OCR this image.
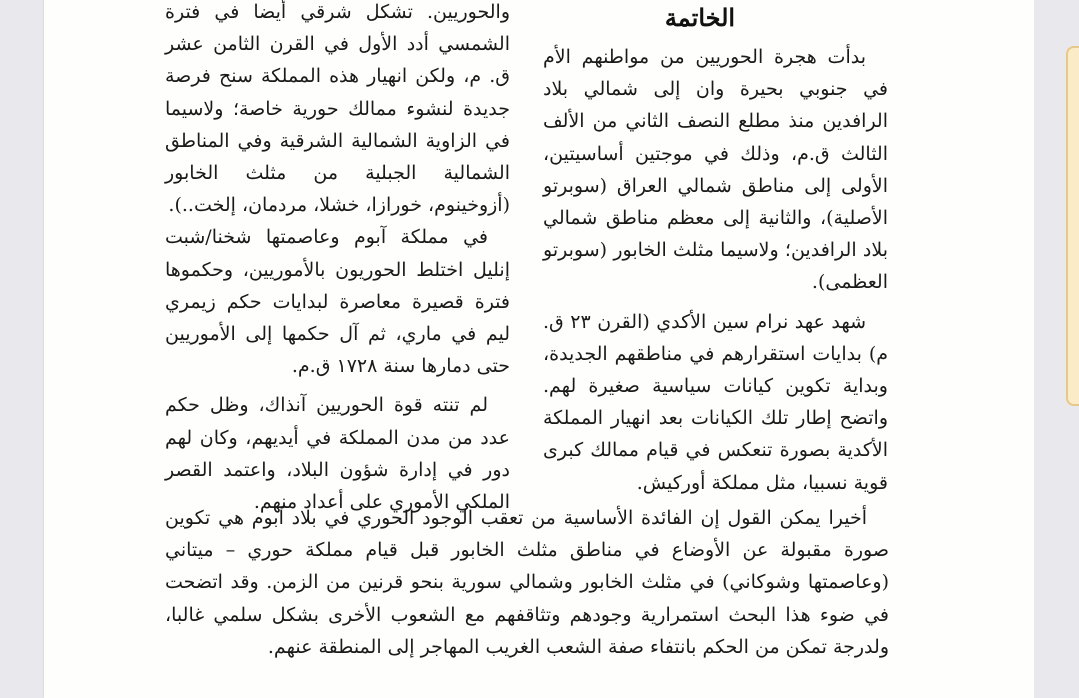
الخاتمة

بدأت هجرة الحوريين من مواطنهم الأم في جنوبي بحيرة وان إلى شمالي بلاد الرافدين منذ مطلع النصف الثاني من الألف الثالث ق.م، وذلك في موجتين أساسيتين، الأولى إلى مناطق شمالي العراق (سوبرتو الأصلية)، والثانية إلى معظم مناطق شمالي بلاد الرافدين؛ ولاسيما مثلث الخابور (سوبرتو العظمى).

شهد عهد نرام سين الأكدي (القرن ٢٣ ق. م) بدايات استقرارهم في مناطقهم الجديدة، وبداية تكوين كيانات سياسية صغيرة لهم. واتضح إطار تلك الكيانات بعد انهيار المملكة الأكدية بصورة تنعكس في قيام ممالك كبرى قوية نسبيا، مثل مملكة أوركيش.

والحوريين. تشكل شرقي أيضا في فترة الشمسي أدد الأول في القرن الثامن عشر ق. م، ولكن انهيار هذه المملكة سنح فرصة جديدة لنشوء ممالك حورية خاصة؛ ولاسيما في الزاوية الشمالية الشرقية وفي المناطق الشمالية الجبلية من مثلث الخابور (أزوخينوم، خورازا، خشلا، مردمان، إلخت..).

في مملكة آبوم وعاصمتها شخنا/شبت إنليل اختلط الحوريون بالأموريين، وحكموها فترة قصيرة معاصرة لبدايات حكم زيمري ليم في ماري، ثم آل حكمها إلى الأموريين حتى دمارها سنة ١٧٢٨ ق.م.

لم تنته قوة الحوريين آنذاك، وظل حكم عدد من مدن المملكة في أيديهم، وكان لهم دور في إدارة شؤون البلاد، واعتمد القصر الملكي الأموري على أعداد منهم.

أخيرا يمكن القول إن الفائدة الأساسية من تعقب الوجود الحوري في بلاد آبوم هي تكوين صورة مقبولة عن الأوضاع في مناطق مثلث الخابور قبل قيام مملكة حوري – ميتاني (وعاصمتها وشوكاني) في مثلث الخابور وشمالي سورية بنحو قرنين من الزمن. وقد اتضحت في ضوء هذا البحث استمرارية وجودهم وتثاقفهم مع الشعوب الأخرى بشكل سلمي غالبا، ولدرجة تمكن من الحكم بانتفاء صفة الشعب الغريب المهاجر إلى المنطقة عنهم.
